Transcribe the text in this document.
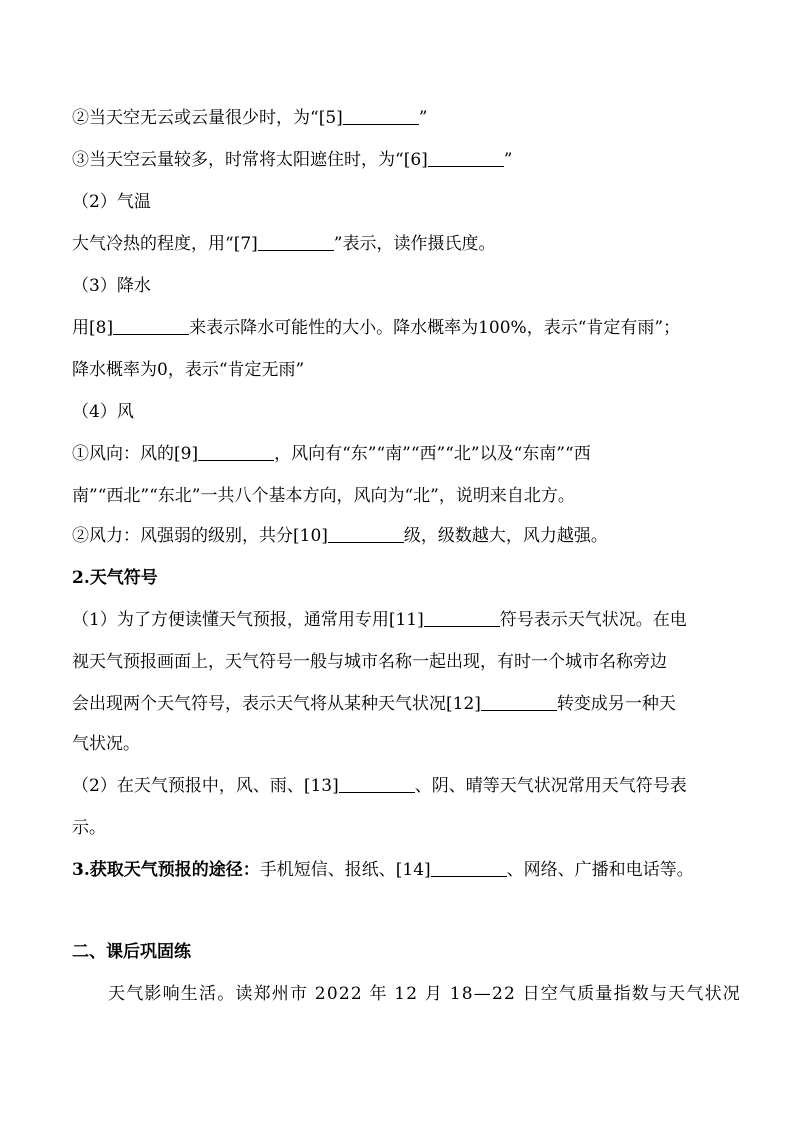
②当天空无云或云量很少时，为“[5]	”
③当天空云量较多，时常将太阳遮住时，为“[6]	”
（2）气温
大气冷热的程度，用“[7]	”表示，读作摄氏度。
（3）降水
用[8]	来表示降水可能性的大小。降水概率为100%，表示“肯定有雨”；
降水概率为0，表示“肯定无雨”
（4）风
①风向：风的[9]	，风向有“东”“南”“西”“北”以及“东南”“西
南”“西北”“东北”一共八个基本方向，风向为“北”，说明来自北方。
②风力：风强弱的级别，共分[10]	级，级数越大，风力越强。
2.天气符号
（1）为了方便读懂天气预报，通常用专用[11]	符号表示天气状况。在电
视天气预报画面上，天气符号一般与城市名称一起出现，有时一个城市名称旁边
会出现两个天气符号，表示天气将从某种天气状况[12]	转变成另一种天
气状况。
（2）在天气预报中，风、雨、[13]	、阴、晴等天气状况常用天气符号表
示。
3.获取天气预报的途径：手机短信、报纸、[14]	、网络、广播和电话等。
二、课后巩固练
天气影响生活。读郑州市 2022 年 12 月 18—22 日空气质量指数与天气状况
